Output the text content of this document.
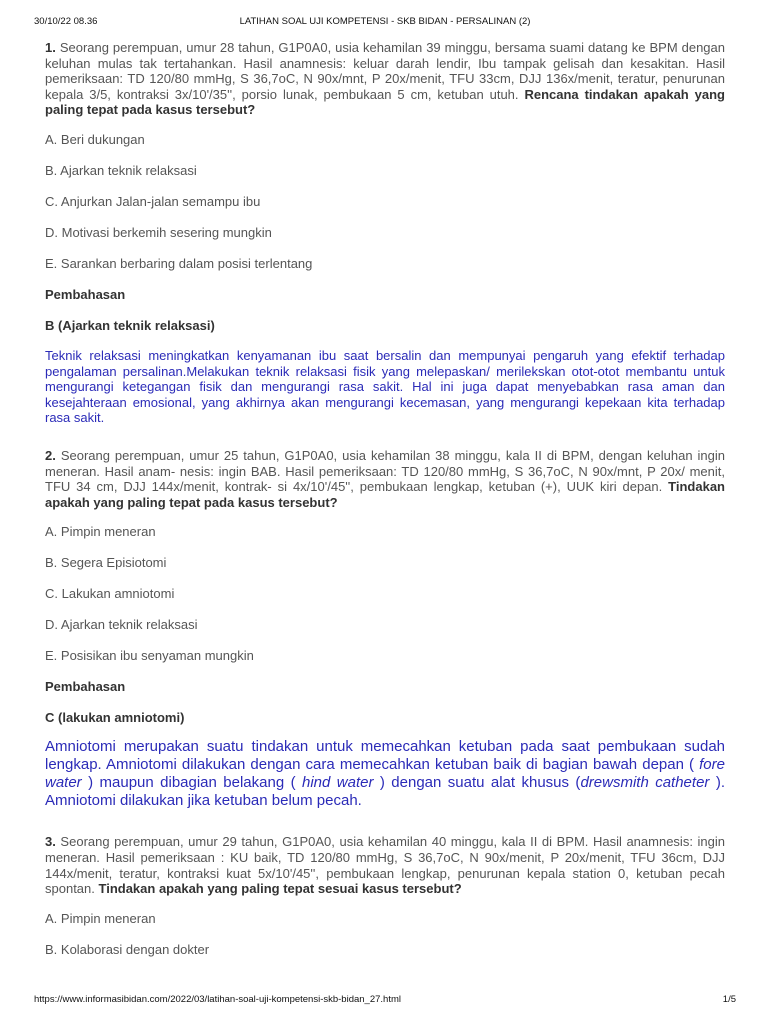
30/10/22 08.36	LATIHAN SOAL UJI KOMPETENSI - SKB BIDAN - PERSALINAN (2)

1. Seorang perempuan, umur 28 tahun, G1P0A0, usia kehamilan 39 minggu, bersama suami datang ke BPM dengan keluhan mulas tak tertahankan. Hasil anamnesis: keluar darah lendir, Ibu tampak gelisah dan kesakitan. Hasil pemeriksaan: TD 120/80 mmHg, S 36,7oC, N 90x/mnt, P 20x/menit, TFU 33cm, DJJ 136x/menit, teratur, penurunan kepala 3/5, kontraksi 3x/10'/35'', porsio lunak, pembukaan 5 cm, ketuban utuh. Rencana tindakan apakah yang paling tepat pada kasus tersebut?

A. Beri dukungan

B. Ajarkan teknik relaksasi

C. Anjurkan Jalan-jalan semampu ibu

D. Motivasi berkemih sesering mungkin

E. Sarankan berbaring dalam posisi terlentang

Pembahasan

B (Ajarkan teknik relaksasi)

Teknik relaksasi meningkatkan kenyamanan ibu saat bersalin dan mempunyai pengaruh yang efektif terhadap pengalaman persalinan.Melakukan teknik relaksasi fisik yang melepaskan/ merilekskan otot-otot membantu untuk mengurangi ketegangan fisik dan mengurangi rasa sakit. Hal ini juga dapat menyebabkan rasa aman dan kesejahteraan emosional, yang akhirnya akan mengurangi kecemasan, yang mengurangi kepekaan kita terhadap rasa sakit.

2. Seorang perempuan, umur 25 tahun, G1P0A0, usia kehamilan 38 minggu, kala II di BPM, dengan keluhan ingin meneran. Hasil anam- nesis: ingin BAB. Hasil pemeriksaan: TD 120/80 mmHg, S 36,7oC, N 90x/mnt, P 20x/ menit, TFU 34 cm, DJJ 144x/menit, kontrak- si 4x/10'/45'', pembukaan lengkap, ketuban (+), UUK kiri depan. Tindakan apakah yang paling tepat pada kasus tersebut?

A. Pimpin meneran

B. Segera Episiotomi

C. Lakukan amniotomi

D. Ajarkan teknik relaksasi

E. Posisikan ibu senyaman mungkin

Pembahasan

C (lakukan amniotomi)

Amniotomi merupakan suatu tindakan untuk memecahkan ketuban pada saat pembukaan sudah lengkap. Amniotomi dilakukan dengan cara memecahkan ketuban baik di bagian bawah depan ( fore water ) maupun dibagian belakang ( hind water ) dengan suatu alat khusus (drewsmith catheter ). Amniotomi dilakukan jika ketuban belum pecah.

3. Seorang perempuan, umur 29 tahun, G1P0A0, usia kehamilan 40 minggu, kala II di BPM. Hasil anamnesis: ingin meneran. Hasil pemeriksaan : KU baik, TD 120/80 mmHg, S 36,7oC, N 90x/menit, P 20x/menit, TFU 36cm, DJJ 144x/menit, teratur, kontraksi kuat 5x/10'/45'', pembukaan lengkap, penurunan kepala station 0, ketuban pecah spontan. Tindakan apakah yang paling tepat sesuai kasus tersebut?

A. Pimpin meneran

B. Kolaborasi dengan dokter

https://www.informasibidan.com/2022/03/latihan-soal-uji-kompetensi-skb-bidan_27.html	1/5
